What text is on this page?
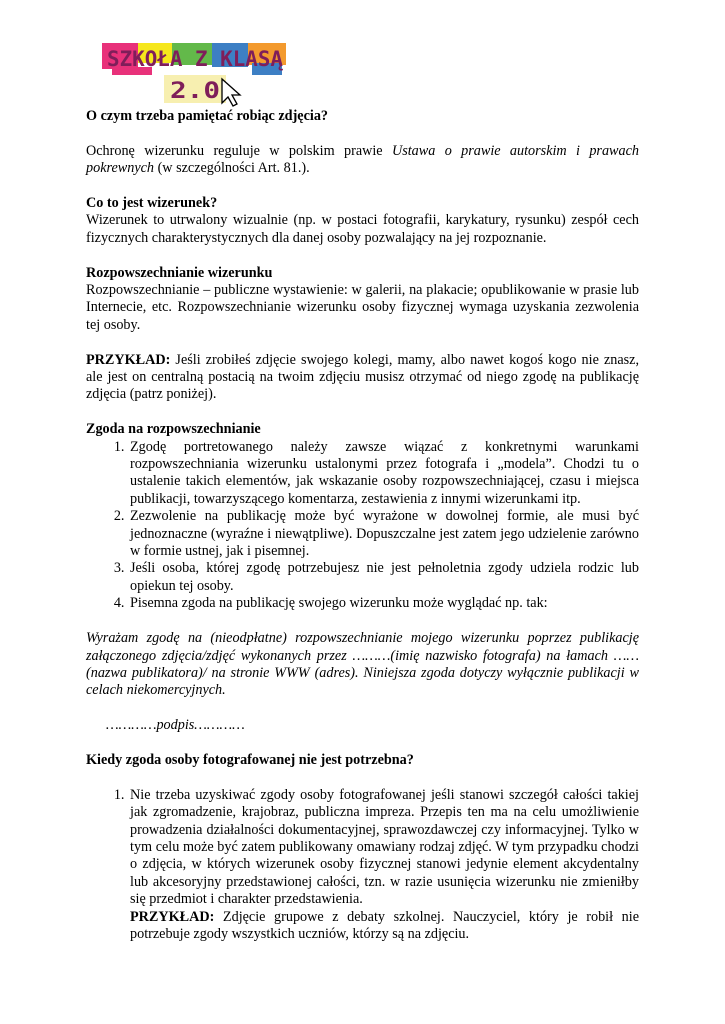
SZKOŁA Z KLASĄ
2.0

O czym trzeba pamiętać robiąc zdjęcia?

Ochronę wizerunku reguluje w polskim prawie Ustawa o prawie autorskim i prawach pokrewnych (w szczególności Art. 81.).

Co to jest wizerunek?

Wizerunek to utrwalony wizualnie (np. w postaci fotografii, karykatury, rysunku) zespół cech fizycznych charakterystycznych dla danej osoby pozwalający na jej rozpoznanie.

Rozpowszechnianie wizerunku

Rozpowszechnianie – publiczne wystawienie: w galerii, na plakacie; opublikowanie w prasie lub Internecie, etc. Rozpowszechnianie wizerunku osoby fizycznej wymaga uzyskania zezwolenia tej osoby.

PRZYKŁAD: Jeśli zrobiłeś zdjęcie swojego kolegi, mamy, albo nawet kogoś kogo nie znasz, ale jest on centralną postacią na twoim zdjęciu musisz otrzymać od niego zgodę na publikację zdjęcia (patrz poniżej).

Zgoda na rozpowszechnianie

1. Zgodę portretowanego należy zawsze wiązać z konkretnymi warunkami rozpowszechniania wizerunku ustalonymi przez fotografa i „modela”. Chodzi tu o ustalenie takich elementów, jak wskazanie osoby rozpowszechniającej, czasu i miejsca publikacji, towarzyszącego komentarza, zestawienia z innymi wizerunkami itp.
2. Zezwolenie na publikację może być wyrażone w dowolnej formie, ale musi być jednoznaczne (wyraźne i niewątpliwe). Dopuszczalne jest zatem jego udzielenie zarówno w formie ustnej, jak i pisemnej.
3. Jeśli osoba, której zgodę potrzebujesz nie jest pełnoletnia zgody udziela rodzic lub opiekun tej osoby.
4. Pisemna zgoda na publikację swojego wizerunku może wyglądać np. tak:

Wyrażam zgodę na (nieodpłatne) rozpowszechnianie mojego wizerunku poprzez publikację załączonego zdjęcia/zdjęć wykonanych przez ………(imię nazwisko fotografa) na łamach ……(nazwa publikatora)/ na stronie WWW (adres). Niniejsza zgoda dotyczy wyłącznie publikacji w celach niekomercyjnych.

…………podpis…………

Kiedy zgoda osoby fotografowanej nie jest potrzebna?

1. Nie trzeba uzyskiwać zgody osoby fotografowanej jeśli stanowi szczegół całości takiej jak zgromadzenie, krajobraz, publiczna impreza. Przepis ten ma na celu umożliwienie prowadzenia działalności dokumentacyjnej, sprawozdawczej czy informacyjnej. Tylko w tym celu może być zatem publikowany omawiany rodzaj zdjęć. W tym przypadku chodzi o zdjęcia, w których wizerunek osoby fizycznej stanowi jedynie element akcydentalny lub akcesoryjny przedstawionej całości, tzn. w razie usunięcia wizerunku nie zmieniłby się przedmiot i charakter przedstawienia.
PRZYKŁAD: Zdjęcie grupowe z debaty szkolnej. Nauczyciel, który je robił nie potrzebuje zgody wszystkich uczniów, którzy są na zdjęciu.
